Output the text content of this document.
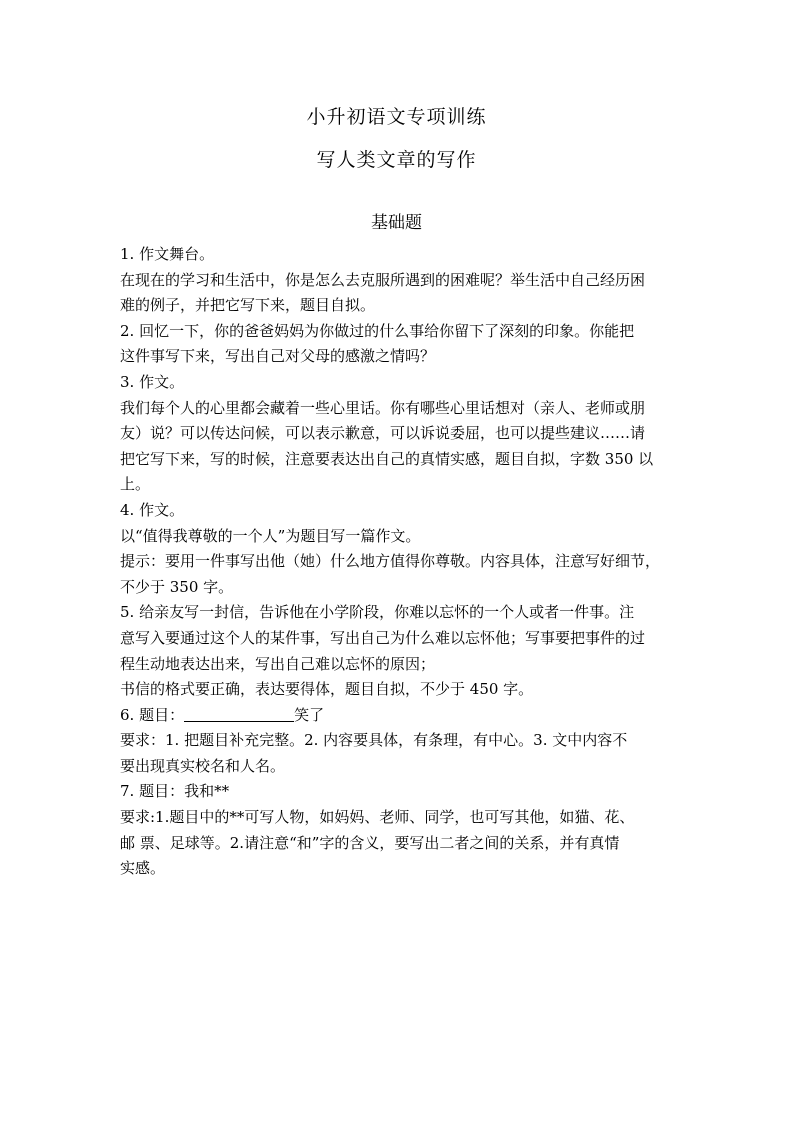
小升初语文专项训练
写人类文章的写作
基础题
1. 作文舞台。
在现在的学习和生活中，你是怎么去克服所遇到的困难呢？举生活中自己经历困
难的例子，并把它写下来，题目自拟。
2. 回忆一下，你的爸爸妈妈为你做过的什么事给你留下了深刻的印象。你能把
这件事写下来，写出自己对父母的感激之情吗？
3. 作文。
我们每个人的心里都会藏着一些心里话。你有哪些心里话想对（亲人、老师或朋
友）说？可以传达问候，可以表示歉意，可以诉说委屈，也可以提些建议……请
把它写下来，写的时候，注意要表达出自己的真情实感，题目自拟，字数 350 以
上。
4. 作文。
以“值得我尊敬的一个人”为题目写一篇作文。
提示：要用一件事写出他（她）什么地方值得你尊敬。内容具体，注意写好细节，
不少于 350 字。
5. 给亲友写一封信，告诉他在小学阶段，你难以忘怀的一个人或者一件事。注
意写入要通过这个人的某件事，写出自己为什么难以忘怀他；写事要把事件的过
程生动地表达出来，写出自己难以忘怀的原因；
书信的格式要正确，表达要得体，题目自拟，不少于 450 字。
6. 题目：	笑了
要求：1. 把题目补充完整。2. 内容要具体，有条理，有中心。3. 文中内容不
要出现真实校名和人名。
7. 题目：我和**
要求:1.题目中的**可写人物，如妈妈、老师、同学，也可写其他，如猫、花、
邮 票、足球等。2.请注意“和”字的含义，要写出二者之间的关系，并有真情
实感。
